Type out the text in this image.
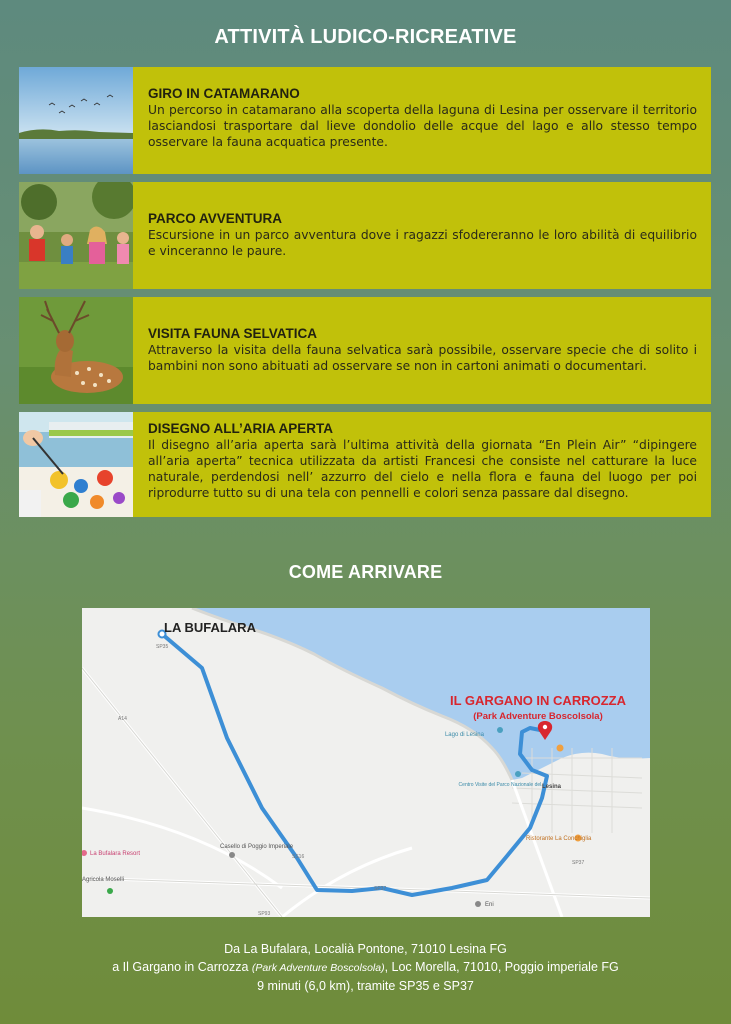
ATTIVITÀ LUDICO-RICREATIVE
GIRO IN CATAMARANO

Un percorso in catamarano alla scoperta della laguna di Lesina per osservare il territorio lasciandosi trasportare dal lieve dondolio delle acque del lago e allo stesso tempo osservare la fauna acquatica presente.

PARCO AVVENTURA

Escursione in un parco avventura dove i ragazzi sfodereranno le loro abilità di equilibrio e vinceranno le paure.

VISITA FAUNA SELVATICA

Attraverso la visita della fauna selvatica sarà possibile, osservare specie che di solito i bambini non sono abituati ad osservare se non in cartoni animati o documentari.

DISEGNO ALL’ARIA APERTA

Il disegno all’aria aperta sarà l’ultima attività della giornata “En Plein Air” “dipingere all’aria aperta” tecnica utilizzata da artisti Francesi che consiste nel catturare la luce naturale, perdendosi nell’ azzurro del cielo e nella flora e fauna del luogo per poi riprodurre tutto su di una tela con pennelli e colori senza passare dal disegno.

COME ARRIVARE
LA BUFALARA
IL GARGANO IN CARROZZA
(Park Adventure Boscolsola)
Lago di Lesina
Centro Visite del Parco Nazionale del...
Lesina
Ristorante La Conchiglia
La Bufalara Resort
Casello di Poggio Imperiale
Agricola Moselli
Eni
SP35
SP37
SP37
SS16
A14
SP93
Da La Bufalara, Localià Pontone, 71010 Lesina FG
a Il Gargano in Carrozza (Park Adventure Boscolsola), Loc Morella, 71010, Poggio imperiale FG
9 minuti (6,0 km), tramite SP35 e SP37
